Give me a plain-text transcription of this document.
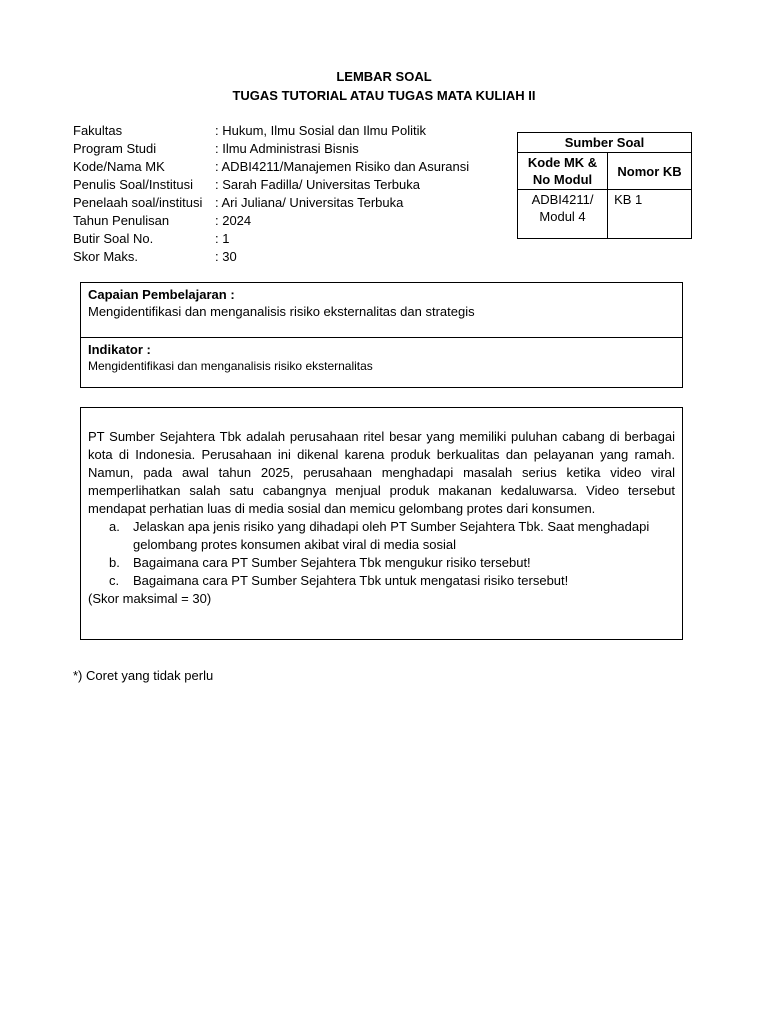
LEMBAR SOAL
TUGAS TUTORIAL ATAU TUGAS MATA KULIAH II
Fakultas	: Hukum, Ilmu Sosial dan Ilmu Politik
Program Studi	: Ilmu Administrasi Bisnis
Kode/Nama MK	: ADBI4211/Manajemen Risiko dan Asuransi
Penulis Soal/Institusi	: Sarah Fadilla/ Universitas Terbuka
Penelaah soal/institusi : Ari Juliana/ Universitas Terbuka
Tahun Penulisan	: 2024
Butir Soal No.	: 1
Skor Maks.	: 30
Sumber Soal	

Kode MK &
No Modul	Nomor KB

ADBI4211/
Modul 4	KB 1
Capaian Pembelajaran :
Mengidentifikasi dan menganalisis risiko eksternalitas dan strategis
Indikator :
Mengidentifikasi dan menganalisis risiko eksternalitas

PT Sumber Sejahtera Tbk adalah perusahaan ritel besar yang memiliki puluhan cabang di berbagai kota di Indonesia. Perusahaan ini dikenal karena produk berkualitas dan pelayanan yang ramah. Namun, pada awal tahun 2025, perusahaan menghadapi masalah serius ketika video viral memperlihatkan salah satu cabangnya menjual produk makanan kedaluwarsa. Video tersebut mendapat perhatian luas di media sosial dan memicu gelombang protes dari konsumen.

a. Jelaskan apa jenis risiko yang dihadapi oleh PT Sumber Sejahtera Tbk. Saat menghadapi gelombang protes konsumen akibat viral di media sosial
b. Bagaimana cara PT Sumber Sejahtera Tbk mengukur risiko tersebut!
c. Bagaimana cara PT Sumber Sejahtera Tbk untuk mengatasi risiko tersebut!

(Skor maksimal = 30)

*) Coret yang tidak perlu
